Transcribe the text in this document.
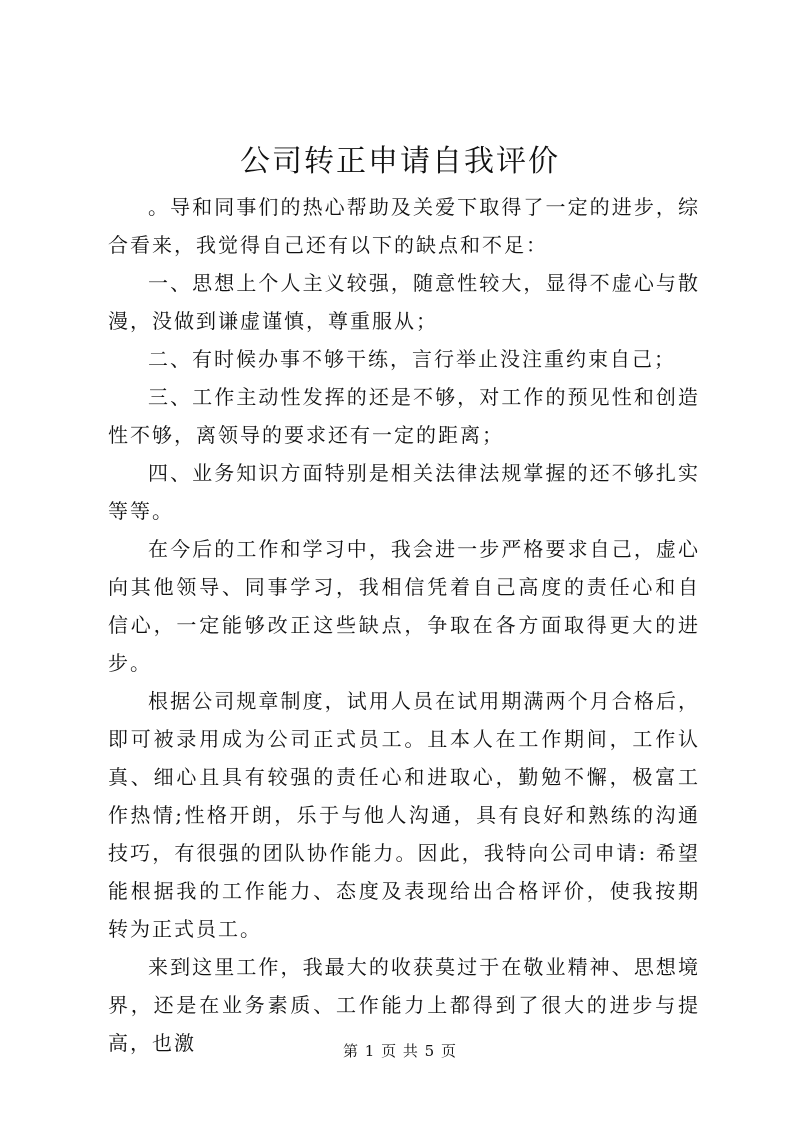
公司转正申请自我评价

。导和同事们的热心帮助及关爱下取得了一定的进步，综合看来，我觉得自己还有以下的缺点和不足：

一、思想上个人主义较强，随意性较大，显得不虚心与散漫，没做到谦虚谨慎，尊重服从；

二、有时候办事不够干练，言行举止没注重约束自己；

三、工作主动性发挥的还是不够，对工作的预见性和创造性不够，离领导的要求还有一定的距离；

四、业务知识方面特别是相关法律法规掌握的还不够扎实等等。

在今后的工作和学习中，我会进一步严格要求自己，虚心向其他领导、同事学习，我相信凭着自己高度的责任心和自信心，一定能够改正这些缺点，争取在各方面取得更大的进步。

根据公司规章制度，试用人员在试用期满两个月合格后，即可被录用成为公司正式员工。且本人在工作期间，工作认真、细心且具有较强的责任心和进取心，勤勉不懈，极富工作热情;性格开朗，乐于与他人沟通，具有良好和熟练的沟通技巧，有很强的团队协作能力。因此，我特向公司申请: 希望能根据我的工作能力、态度及表现给出合格评价，使我按期转为正式员工。

来到这里工作，我最大的收获莫过于在敬业精神、思想境界，还是在业务素质、工作能力上都得到了很大的进步与提高，也激	第 1 页 共 5 页
